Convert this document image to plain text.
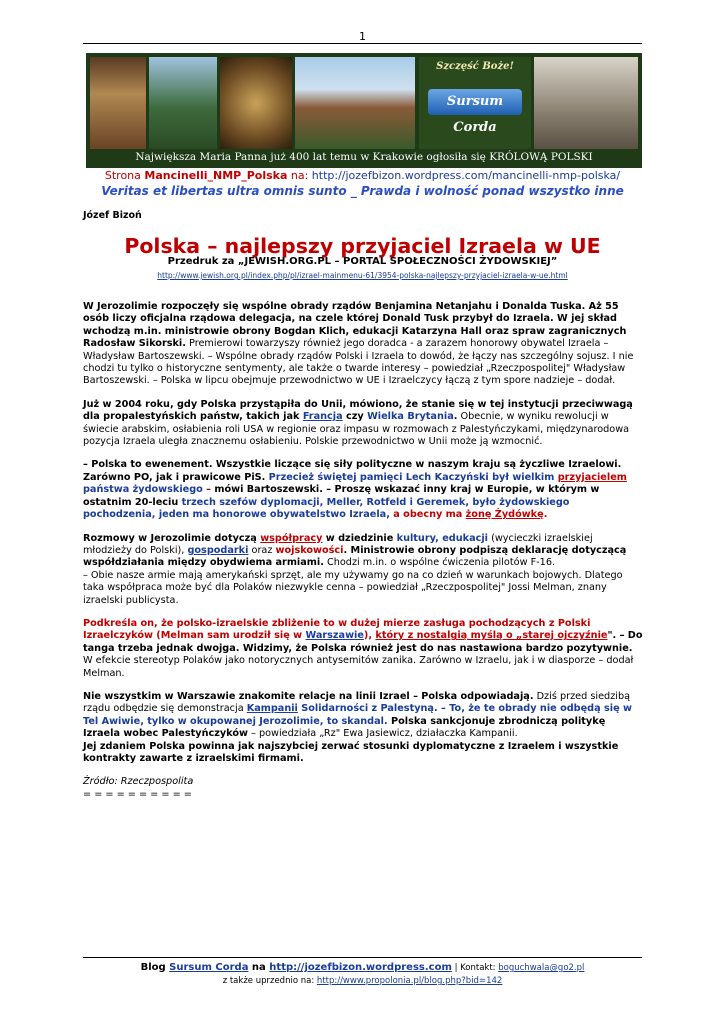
1
Szczęść Boże!
Sursum Corda
Największa Maria Panna już 400 lat temu w Krakowie ogłosiła się KRÓLOWĄ POLSKI
Strona Mancinelli_NMP_Polska na: http://jozefbizon.wordpress.com/mancinelli-nmp-polska/
Veritas et libertas ultra omnis sunto _ Prawda i wolność ponad wszystko inne
Józef Bizoń
Polska – najlepszy przyjaciel Izraela w UE
Przedruk za „JEWISH.ORG.PL – PORTAL SPOŁECZNOŚCI ŻYDOWSKIEJ”
http://www.jewish.org.pl/index.php/pl/izrael-mainmenu-61/3954-polska-najlepszy-przyjaciel-izraela-w-ue.html

W Jerozolimie rozpoczęły się wspólne obrady rządów Benjamina Netanjahu i Donalda Tuska. Aż 55 osób liczy oficjalna rządowa delegacja, na czele której Donald Tusk przybył do Izraela. W jej skład wchodzą m.in. ministrowie obrony Bogdan Klich, edukacji Katarzyna Hall oraz spraw zagranicznych Radosław Sikorski. Premierowi towarzyszy również jego doradca - a zarazem honorowy obywatel Izraela – Władysław Bartoszewski. – Wspólne obrady rządów Polski i Izraela to dowód, że łączy nas szczególny sojusz. I nie chodzi tu tylko o historyczne sentymenty, ale także o twarde interesy – powiedział „Rzeczpospolitej" Władysław Bartoszewski. – Polska w lipcu obejmuje przewodnictwo w UE i Izraelczycy łączą z tym spore nadzieje – dodał.

Już w 2004 roku, gdy Polska przystąpiła do Unii, mówiono, że stanie się w tej instytucji przeciwwagą dla propalestyńskich państw, takich jak Francja czy Wielka Brytania. Obecnie, w wyniku rewolucji w świecie arabskim, osłabienia roli USA w regionie oraz impasu w rozmowach z Palestyńczykami, międzynarodowa pozycja Izraela uległa znacznemu osłabieniu. Polskie przewodnictwo w Unii może ją wzmocnić.

– Polska to ewenement. Wszystkie liczące się siły polityczne w naszym kraju są życzliwe Izraelowi. Zarówno PO, jak i prawicowe PiS. Przecież świętej pamięci Lech Kaczyński był wielkim przyjacielem państwa żydowskiego – mówi Bartoszewski. – Proszę wskazać inny kraj w Europie, w którym w ostatnim 20-leciu trzech szefów dyplomacji, Meller, Rotfeld i Geremek, było żydowskiego pochodzenia, jeden ma honorowe obywatelstwo Izraela, a obecny ma żonę Żydówkę.

Rozmowy w Jerozolimie dotyczą współpracy w dziedzinie kultury, edukacji (wycieczki izraelskiej młodzieży do Polski), gospodarki oraz wojskowości. Ministrowie obrony podpiszą deklarację dotyczącą współdziałania między obydwiema armiami. Chodzi m.in. o wspólne ćwiczenia pilotów F-16.
– Obie nasze armie mają amerykański sprzęt, ale my używamy go na co dzień w warunkach bojowych. Dlatego taka współpraca może być dla Polaków niezwykle cenna – powiedział „Rzeczpospolitej" Jossi Melman, znany izraelski publicysta.

Podkreśla on, że polsko-izraelskie zbliżenie to w dużej mierze zasługa pochodzących z Polski Izraelczyków (Melman sam urodził się w Warszawie), który z nostalgią myślą o „starej ojczyźnie". – Do tanga trzeba jednak dwojga. Widzimy, że Polska również jest do nas nastawiona bardzo pozytywnie. W efekcie stereotyp Polaków jako notorycznych antysemitów zanika. Zarówno w Izraelu, jak i w diasporze – dodał Melman.

Nie wszystkim w Warszawie znakomite relacje na linii Izrael – Polska odpowiadają. Dziś przed siedzibą rządu odbędzie się demonstracja Kampanii Solidarności z Palestyną. – To, że te obrady nie odbędą się w Tel Awiwie, tylko w okupowanej Jerozolimie, to skandal. Polska sankcjonuje zbrodniczą politykę Izraela wobec Palestyńczyków – powiedziała „Rz" Ewa Jasiewicz, działaczka Kampanii.
Jej zdaniem Polska powinna jak najszybciej zerwać stosunki dyplomatyczne z Izraelem i wszystkie kontrakty zawarte z izraelskimi firmami.

Źródło: Rzeczpospolita
= = = = = = = = = =

Blog Sursum Corda na http://jozefbizon.wordpress.com | Kontakt: boguchwala@go2.pl
z także uprzednio na: http://www.propolonia.pl/blog.php?bid=142
